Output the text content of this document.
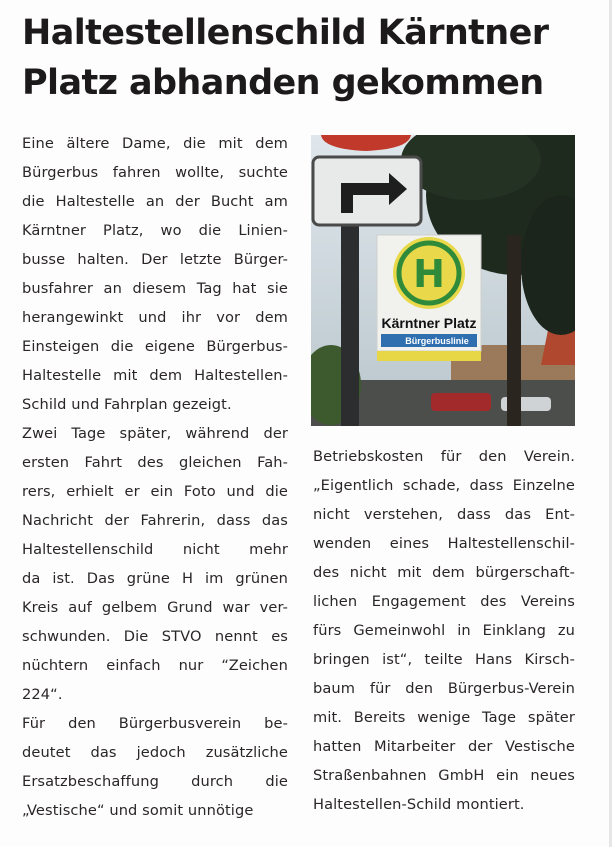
Haltestellenschild Kärntner
Platz abhanden gekommen
Eine ältere Dame, die mit dem
Bürgerbus fahren wollte, suchte
die Haltestelle an der Bucht am
Kärntner Platz, wo die Linien-
busse halten. Der letzte Bürger-
busfahrer an diesem Tag hat sie
herangewinkt und ihr vor dem
Einsteigen die eigene Bürgerbus-
Haltestelle mit dem Haltestellen-
Schild und Fahrplan gezeigt.
Zwei Tage später, während der
ersten Fahrt des gleichen Fah-
rers, erhielt er ein Foto und die
Nachricht der Fahrerin, dass das
Haltestellenschild nicht mehr
da ist. Das grüne H im grünen
Kreis auf gelbem Grund war ver-
schwunden. Die STVO nennt es
nüchtern einfach nur “Zeichen
224“.
Für den Bürgerbusverein be-
deutet das jedoch zusätzliche
Ersatzbeschaffung durch die
„Vestische“ und somit unnötige
H
Kärntner Platz
Bürgerbuslinie
Betriebskosten für den Verein.
„Eigentlich schade, dass Einzelne
nicht verstehen, dass das Ent-
wenden eines Haltestellenschil-
des nicht mit dem bürgerschaft-
lichen Engagement des Vereins
fürs Gemeinwohl in Einklang zu
bringen ist“, teilte Hans Kirsch-
baum für den Bürgerbus-Verein
mit. Bereits wenige Tage später
hatten Mitarbeiter der Vestische
Straßenbahnen GmbH ein neues
Haltestellen-Schild montiert.
